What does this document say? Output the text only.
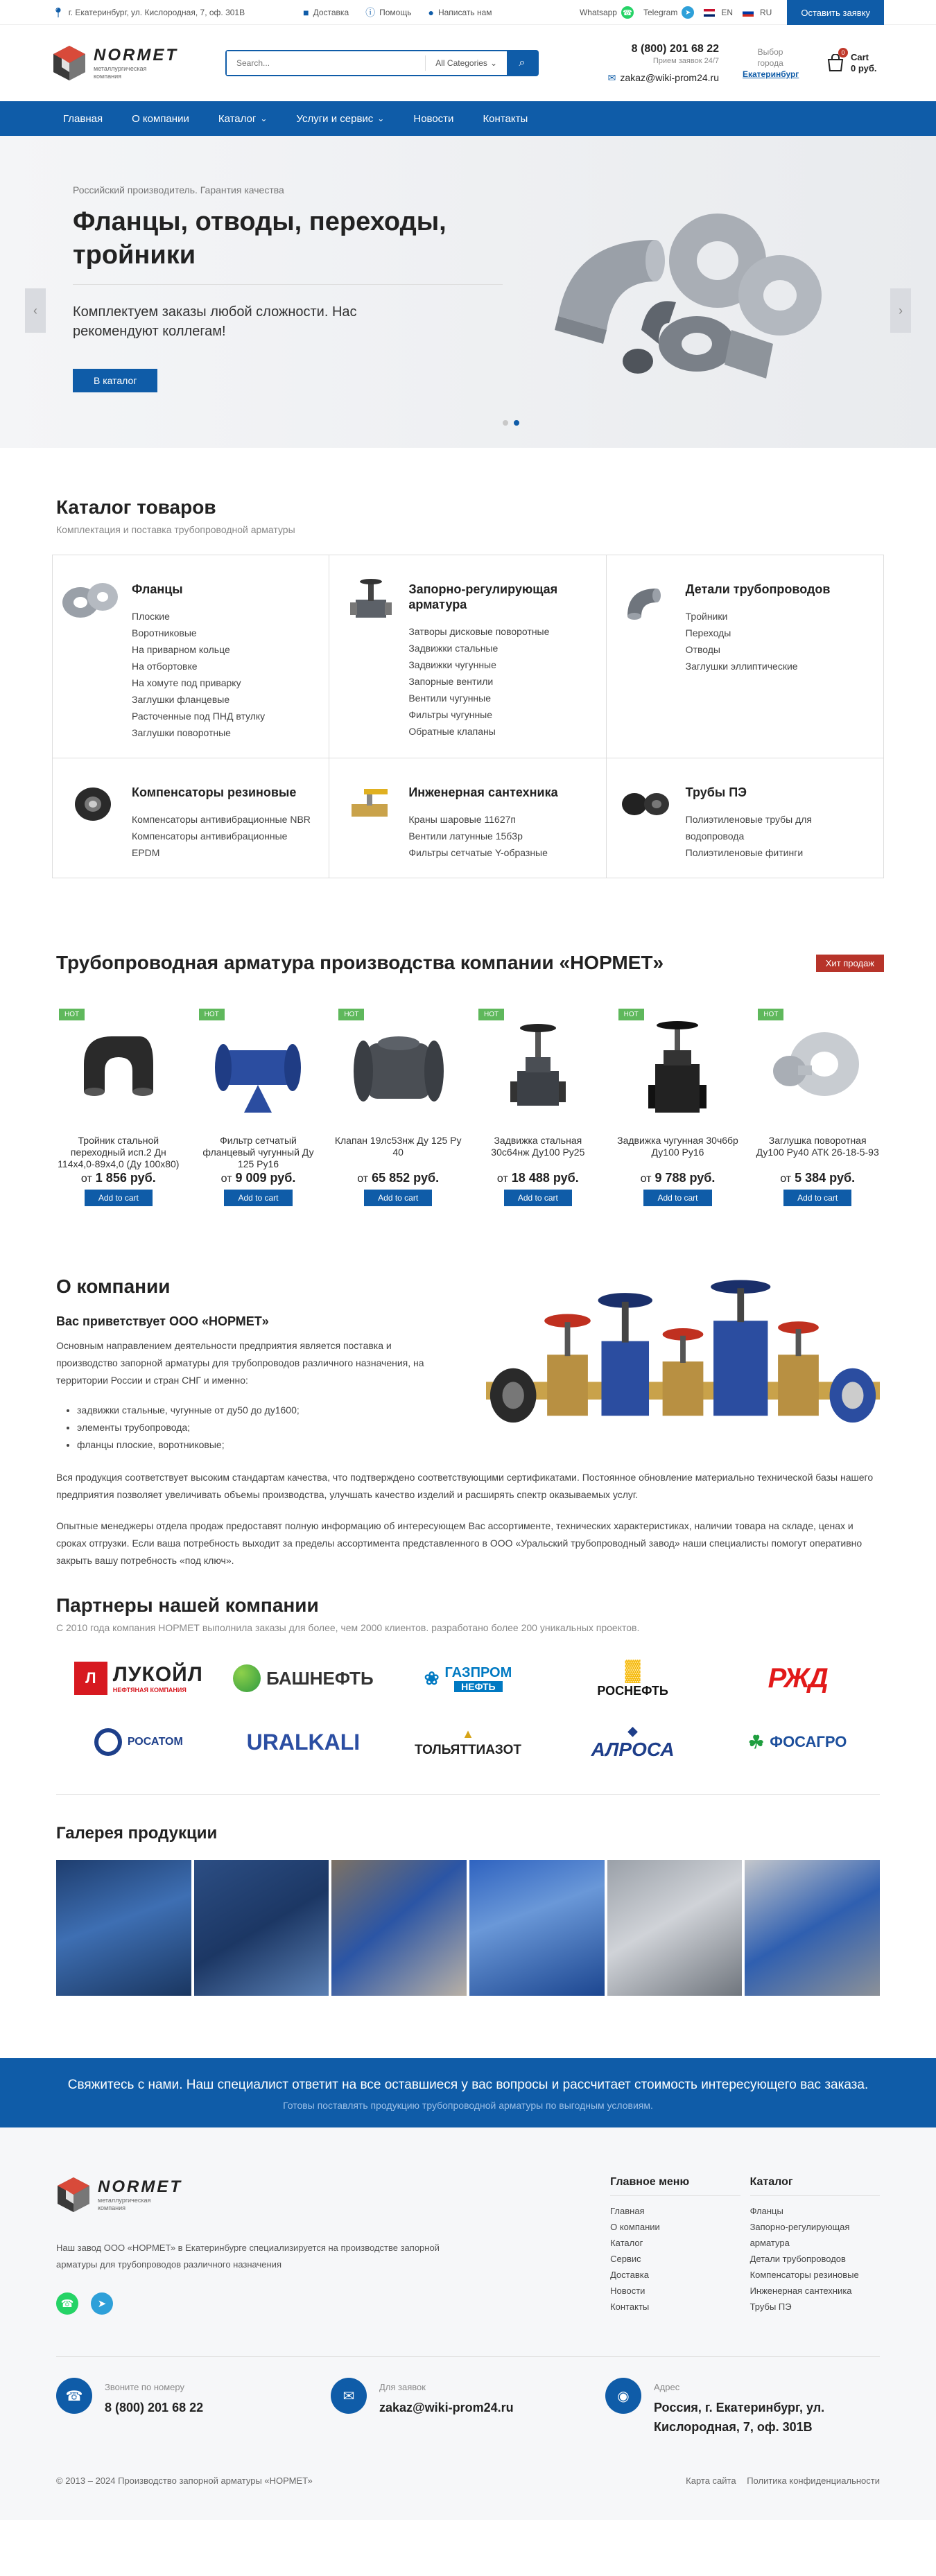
📍︎ г. Екатеринбург, ул. Кислородная, 7, оф. 301В	■ Доставка ⓘ Помощь ● Написать нам	Whatsapp ☎ Telegram	➤	EN	RU	Оставить заявку
NORMET
металлургическая
компания
Search...
All Categories ⌄ ⌕
8 (800) 201 68 22
Прием заявок 24/7
✉ zakaz@wiki-prom24.ru
Выбор
города
Екатеринбург
0 Cart
0 руб.
Главная	О компании	Каталог ⌄	Услуги и сервис ⌄	Новости	Контакты
‹	›
Российский производитель. Гарантия качества
Фланцы, отводы, переходы, тройники
Комплектуем заказы любой сложности. Нас рекомендуют коллегам!
В каталог
Каталог товаров
Комплектация и поставка трубопроводной арматуры
Фланцы
Плоские
Воротниковые
На приварном кольце
На отбортовке
На хомуте под приварку
Заглушки фланцевые
Расточенные под ПНД втулку
Заглушки поворотные
Запорно-регулирующая арматура
Затворы дисковые поворотные
Задвижки стальные
Задвижки чугунные
Запорные вентили
Вентили чугунные
Фильтры чугунные
Обратные клапаны
Детали трубопроводов
Тройники
Переходы
Отводы
Заглушки эллиптические
Компенсаторы резиновые
Компенсаторы антивибрационные NBR
Компенсаторы антивибрационные EPDM
Инженерная сантехника
Краны шаровые 11627п
Вентили латунные 15б3р
Фильтры сетчатые Y-образные
Трубы ПЭ
Полиэтиленовые трубы для водопровода
Полиэтиленовые фитинги
Трубопроводная арматура производства компании «НОРМЕТ»	Хит продаж
HOT
Тройник стальной переходный исп.2 Дн 114х4,0-89х4,0 (Ду 100х80)
от 1 856 руб.
Add to cart
HOT
Фильтр сетчатый фланцевый чугунный Ду 125 Ру16
от 9 009 руб.
Add to cart
HOT
Клапан 19лс53нж Ду 125 Ру 40
от 65 852 руб.
Add to cart
HOT
Задвижка стальная 30с64нж Ду100 Ру25
от 18 488 руб.
Add to cart
HOT
Задвижка чугунная 30ч6бр Ду100 Ру16
от 9 788 руб.
Add to cart
HOT
Заглушка поворотная Ду100 Ру40 АТК 26-18-5-93
от 5 384 руб.
Add to cart
О компании
Вас приветствует ООО «НОРМЕТ»

Основным направлением деятельности предприятия является поставка и производство запорной арматуры для трубопроводов различного назначения, на территории России и стран СНГ и именно:

• задвижки стальные, чугунные от ду50 до ду1600;
• элементы трубопровода;
• фланцы плоские, воротниковые;

Вся продукция соответствует высоким стандартам качества, что подтверждено соответствующими сертификатами. Постоянное обновление материально технической базы нашего предприятия позволяет увеличивать объемы производства, улучшать качество изделий и расширять спектр оказываемых услуг.

Опытные менеджеры отдела продаж предоставят полную информацию об интересующем Вас ассортименте, технических характеристиках, наличии товара на складе, ценах и сроках отгрузки. Если ваша потребность выходит за пределы ассортимента представленного в ООО «Уральский трубопроводный завод» наши специалисты помогут оперативно закрыть вашу потребность «под ключ».

Партнеры нашей компании
С 2010 года компания НОРМЕТ выполнила заказы для более, чем 2000 клиентов. разработано более 200 уникальных проектов.
Л ЛУКОЙЛ
НЕФТЯНАЯ КОМПАНИЯ
БАШНЕФТЬ	❀ ГАЗПРОМ
НЕФТЬ
▓
РОСНЕФТЬ	РЖД
РОСАТОМ	URALKALI	▲
ТОЛЬЯТТИАЗОТ
◆
АЛРОСА	☘ ФОСАГРО
Галерея продукции
Свяжитесь с нами. Наш специалист ответит на все оставшиеся у вас вопросы и рассчитает стоимость интересующего вас заказа.
Готовы поставлять продукцию трубопроводной арматуры по выгодным условиям.
NORMET
металлургическая
компания
Наш завод ООО «НОРМЕТ» в Екатеринбурге специализируется на производстве запорной арматуры для трубопроводов различного назначения
☎	➤
Главное меню
Главная
О компании
Каталог
Сервис
Доставка
Новости
Контакты
Каталог
Фланцы
Запорно-регулирующая арматура
Детали трубопроводов
Компенсаторы резиновые
Инженерная сантехника
Трубы ПЭ
☎
Звоните по номеру
8 (800) 201 68 22
✉
Для заявок
zakaz@wiki-prom24.ru
◉
Адрес
Россия, г. Екатеринбург, ул. Кислородная, 7, оф. 301В
© 2013 – 2024 Производство запорной арматуры «НОРМЕТ»	Карта сайта Политика конфиденциальности
